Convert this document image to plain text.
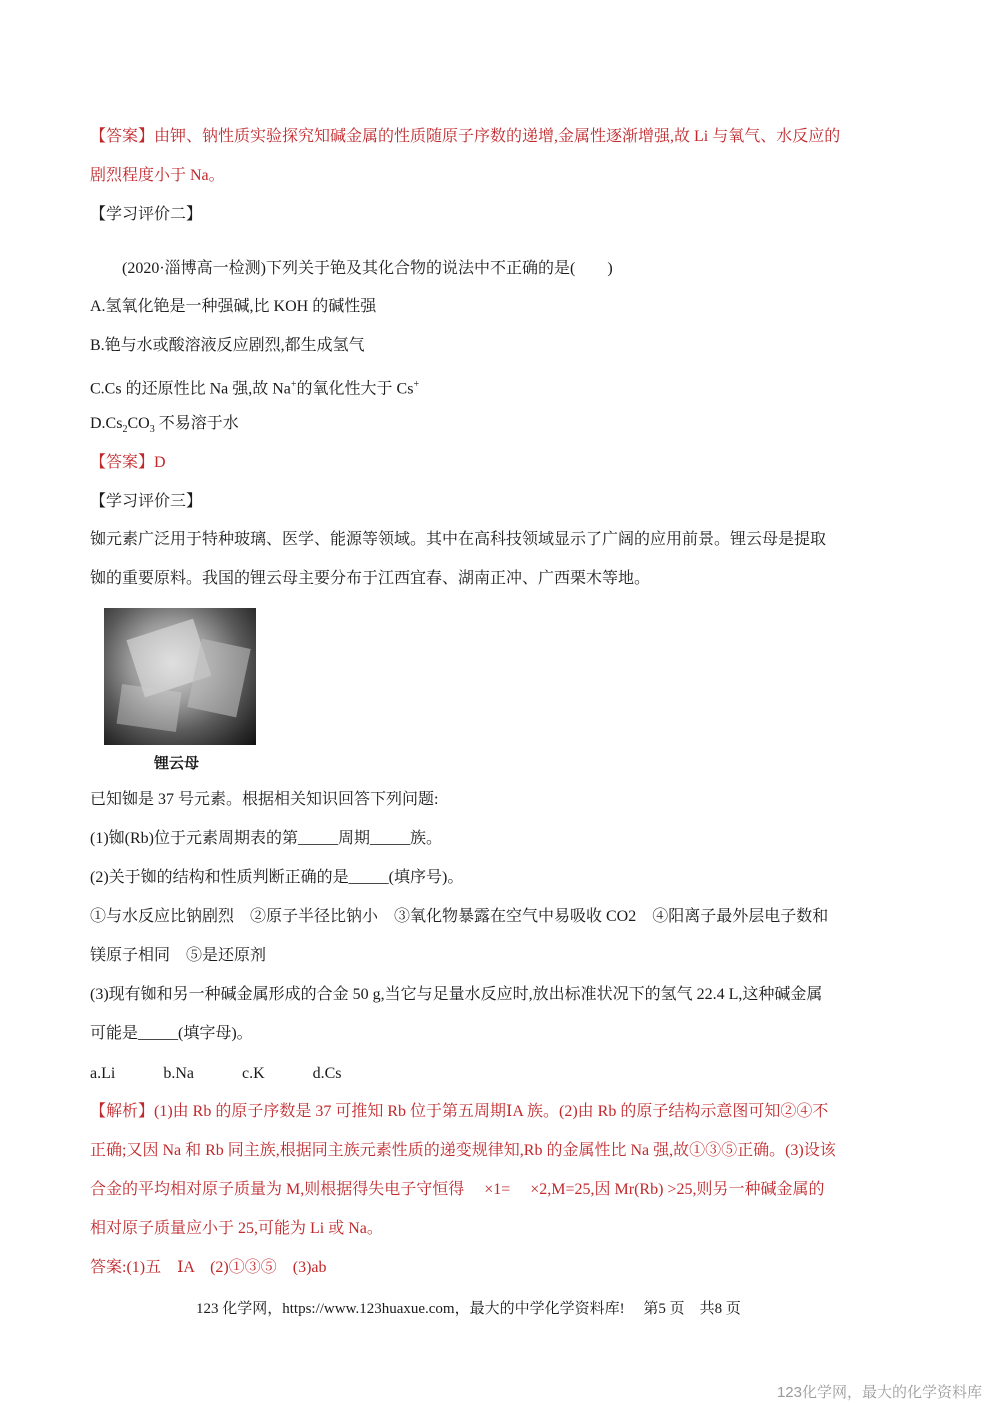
【答案】由钾、钠性质实验探究知碱金属的性质随原子序数的递增,金属性逐渐增强,故 Li 与氧气、水反应的
剧烈程度小于 Na。
【学习评价二】
(2020·淄博高一检测)下列关于铯及其化合物的说法中不正确的是(　　)
A.氢氧化铯是一种强碱,比 KOH 的碱性强
B.铯与水或酸溶液反应剧烈,都生成氢气
C.Cs 的还原性比 Na 强,故 Na+的氧化性大于 Cs+
$D.Cs_2CO_3$ 不易溶于水
【答案】D
【学习评价三】
铷元素广泛用于特种玻璃、医学、能源等领域。其中在高科技领域显示了广阔的应用前景。锂云母是提取
铷的重要原料。我国的锂云母主要分布于江西宜春、湖南正冲、广西栗木等地。
锂云母
已知铷是 37 号元素。根据相关知识回答下列问题:
(1)铷(Rb)位于元素周期表的第_____周期_____族。
(2)关于铷的结构和性质判断正确的是_____(填序号)。
①与水反应比钠剧烈　②原子半径比钠小　③氧化物暴露在空气中易吸收 CO2　④阳离子最外层电子数和
镁原子相同　⑤是还原剂
(3)现有铷和另一种碱金属形成的合金 50 g,当它与足量水反应时,放出标准状况下的氢气 22.4 L,这种碱金属
可能是_____(填字母)。
a.Li　　　b.Na　　　c.K　　　d.Cs
【解析】(1)由 Rb 的原子序数是 37 可推知 Rb 位于第五周期ⅠA 族。(2)由 Rb 的原子结构示意图可知②④不
正确;又因 Na 和 Rb 同主族,根据同主族元素性质的递变规律知,Rb 的金属性比 Na 强,故①③⑤正确。(3)设该
合金的平均相对原子质量为 M,则根据得失电子守恒得　 ×1=　 ×2,M=25,因 Mr(Rb) >25,则另一种碱金属的
相对原子质量应小于 25,可能为 Li 或 Na。
答案:(1)五　ⅠA　(2)①③⑤　(3)ab
123 化学网，https://www.123huaxue.com，最大的中学化学资料库!　 第5 页　共8 页
123化学网，最大的化学资料库
